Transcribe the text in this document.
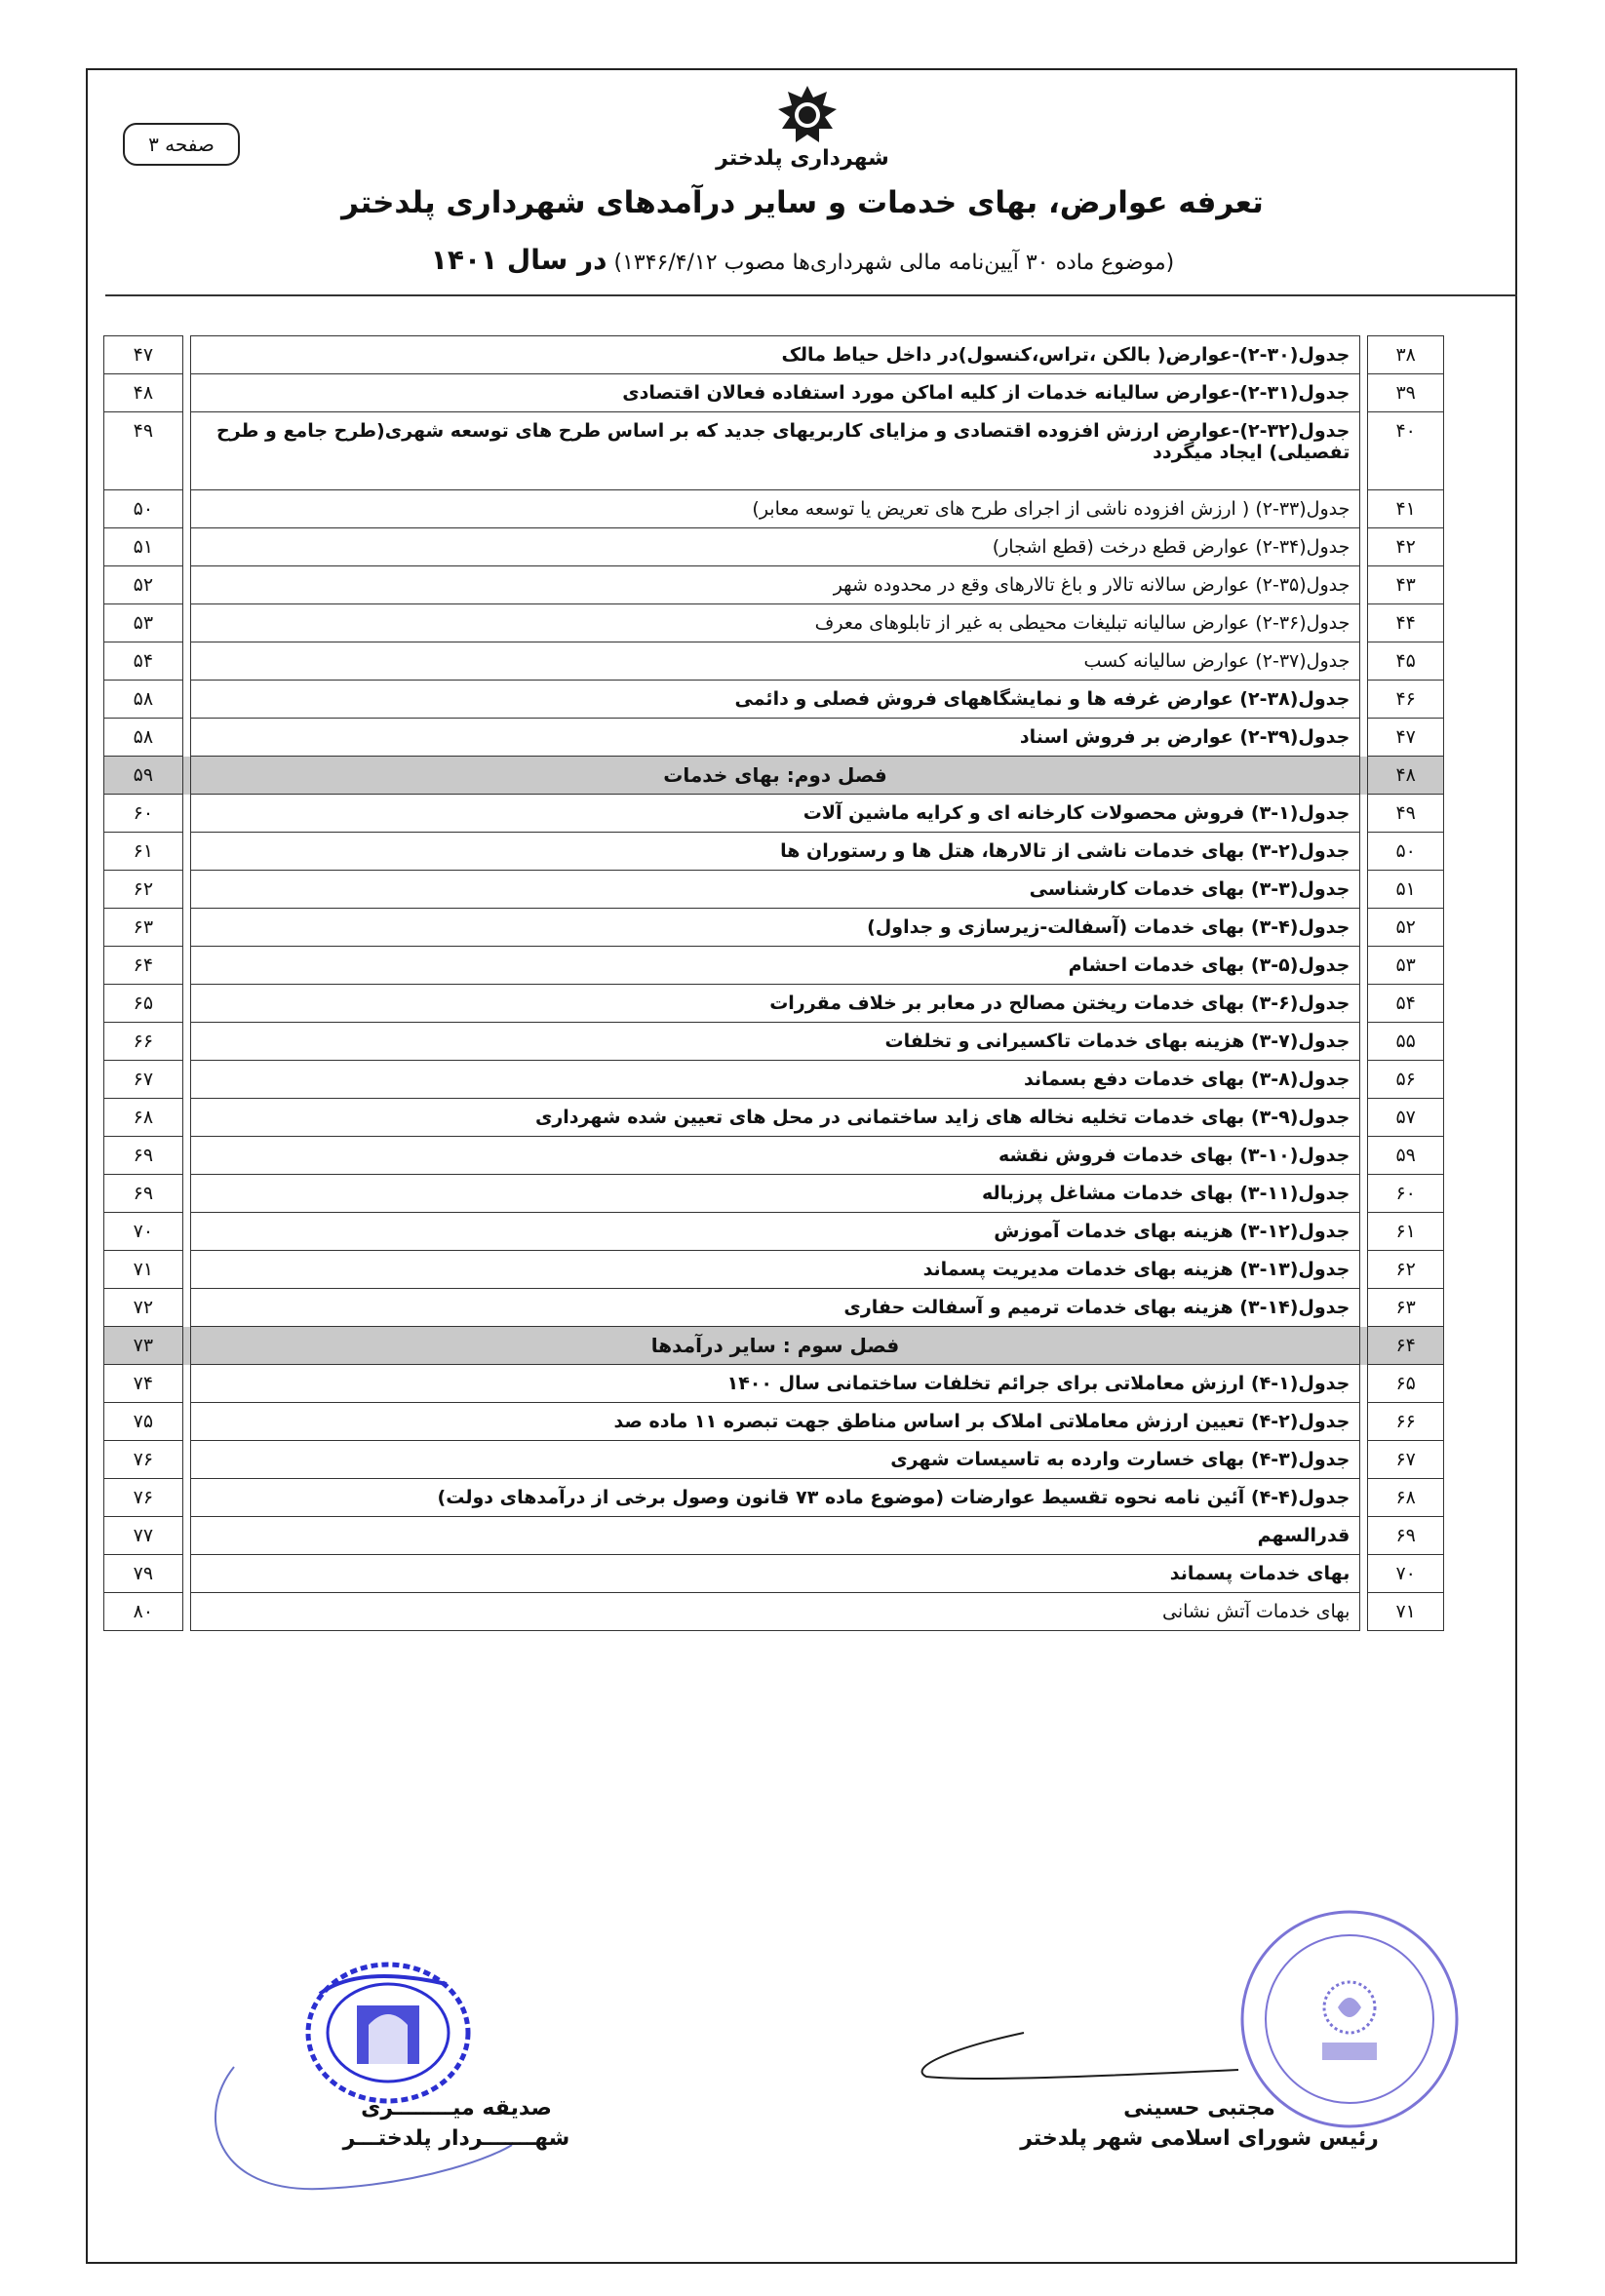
صفحه ۳
شهرداری پلدختر
تعرفه عوارض، بهای خدمات و سایر درآمدهای شهرداری پلدختر
(موضوع ماده ۳۰ آیین‌نامه مالی شهرداری‌ها مصوب ۱۳۴۶/۴/۱۲) در سال ۱۴۰۱
۳۸		جدول(۳۰-۲)-عوارض( بالکن ،تراس،کنسول)در داخل حیاط مالک		۴۷
۳۹		جدول(۳۱-۲)-عوارض سالیانه خدمات از کلیه اماکن مورد استفاده فعالان اقتصادی		۴۸
۴۰		جدول(۳۲-۲)-عوارض ارزش افزوده اقتصادی و مزایای کاربریهای جدید که بر اساس طرح های توسعه شهری(طرح جامع و طرح تفصیلی) ایجاد میگردد		۴۹
۴۱		جدول(۳۳-۲) ( ارزش افزوده ناشی از اجرای طرح های تعریض یا توسعه معابر)		۵۰
۴۲		جدول(۳۴-۲) عوارض قطع درخت (قطع اشجار)		۵۱
۴۳		جدول(۳۵-۲) عوارض سالانه تالار و باغ تالارهای وقع در محدوده شهر		۵۲
۴۴		جدول(۳۶-۲) عوارض سالیانه تبلیغات محیطی به غیر از تابلوهای معرف		۵۳
۴۵		جدول(۳۷-۲) عوارض سالیانه کسب		۵۴
۴۶		جدول(۳۸-۲) عوارض غرفه ها و نمایشگاههای فروش فصلی و دائمی		۵۸
۴۷		جدول(۳۹-۲) عوارض بر فروش اسناد		۵۸
۴۸		فصل دوم: بهای خدمات		۵۹
۴۹		جدول(۱-۳) فروش محصولات کارخانه ای و کرایه ماشین آلات		۶۰
۵۰		جدول(۲-۳) بهای خدمات ناشی از تالارها، هتل ها و رستوران ها		۶۱
۵۱		جدول(۳-۳) بهای خدمات کارشناسی		۶۲
۵۲		جدول(۴-۳) بهای خدمات (آسفالت-زیرسازی و جداول)		۶۳
۵۳		جدول(۵-۳) بهای خدمات احشام		۶۴
۵۴		جدول(۶-۳) بهای خدمات ریختن مصالح در معابر بر خلاف مقررات		۶۵
۵۵		جدول(۷-۳) هزینه بهای خدمات تاکسیرانی و تخلفات		۶۶
۵۶		جدول(۸-۳) بهای خدمات دفع بسماند		۶۷
۵۷		جدول(۹-۳) بهای خدمات تخلیه نخاله های زاید ساختمانی در محل های تعیین شده شهرداری		۶۸
۵۹		جدول(۱۰-۳) بهای خدمات فروش نقشه		۶۹
۶۰		جدول(۱۱-۳) بهای خدمات مشاغل پرزباله		۶۹
۶۱		جدول(۱۲-۳) هزینه بهای خدمات آموزش		۷۰
۶۲		جدول(۱۳-۳) هزینه بهای خدمات مدیریت پسماند		۷۱
۶۳		جدول(۱۴-۳) هزینه بهای خدمات ترمیم و آسفالت حفاری		۷۲
۶۴		فصل سوم : سایر درآمدها		۷۳
۶۵		جدول(۱-۴) ارزش معاملاتی برای جرائم تخلفات ساختمانی سال ۱۴۰۰		۷۴
۶۶		جدول(۲-۴) تعیین ارزش معاملاتی املاک بر اساس مناطق جهت تبصره ۱۱ ماده صد		۷۵
۶۷		جدول(۳-۴) بهای خسارت وارده به تاسیسات شهری		۷۶
۶۸		جدول(۴-۴) آئین نامه نحوه تقسیط عوارضات (موضوع ماده ۷۳ قانون وصول برخی از درآمدهای دولت)		۷۶
۶۹		قدرالسهم		۷۷
۷۰		بهای خدمات پسماند		۷۹
۷۱		بهای خدمات آتش نشانی		۸۰
صدیقه میــــــــری
شهـــــــردار پلدختـــر
مجتبی حسینی
رئیس شورای اسلامی شهر پلدختر
